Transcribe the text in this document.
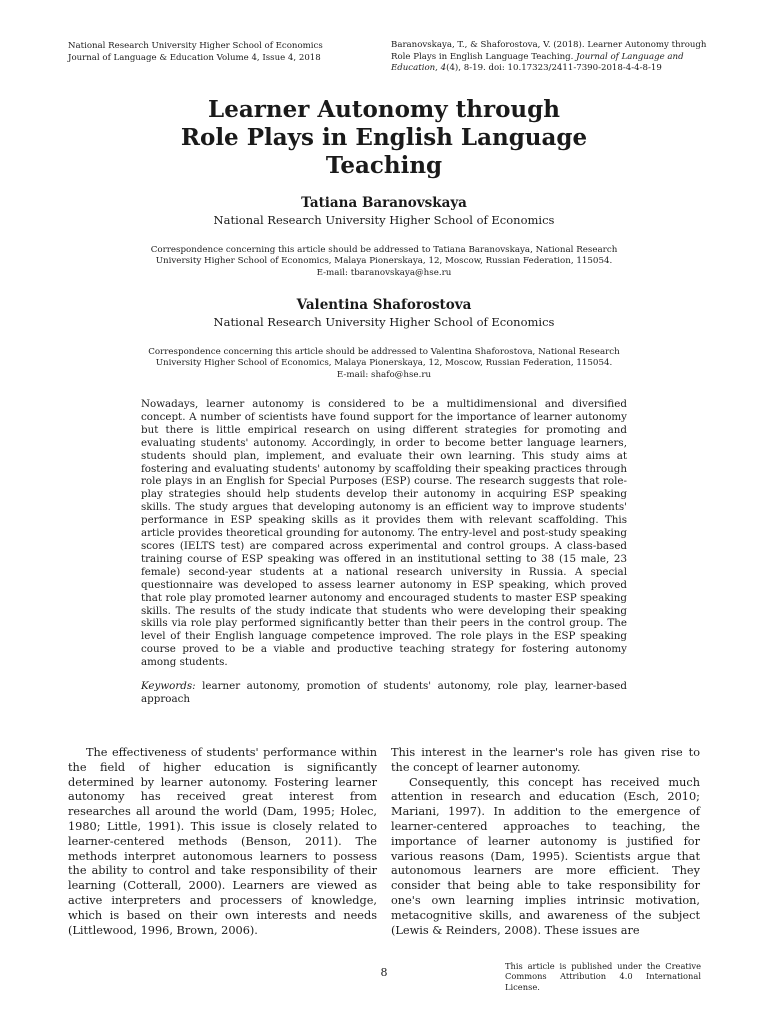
National Research University Higher School of Economics
Journal of Language & Education Volume 4, Issue 4, 2018
Baranovskaya, T., & Shaforostova, V. (2018). Learner Autonomy through Role Plays in English Language Teaching. Journal of Language and Education, 4(4), 8-19. doi: 10.17323/2411-7390-2018-4-4-8-19
Learner Autonomy through
Role Plays in English Language
Teaching
Tatiana Baranovskaya
National Research University Higher School of Economics
Correspondence concerning this article should be addressed to Tatiana Baranovskaya, National Research
University Higher School of Economics, Malaya Pionerskaya, 12, Moscow, Russian Federation, 115054.
E-mail: tbaranovskaya@hse.ru
Valentina Shaforostova
National Research University Higher School of Economics
Correspondence concerning this article should be addressed to Valentina Shaforostova, National Research
University Higher School of Economics, Malaya Pionerskaya, 12, Moscow, Russian Federation, 115054.
E-mail: shafo@hse.ru
Nowadays, learner autonomy is considered to be a multidimensional and diversified concept. A number of scientists have found support for the importance of learner autonomy but there is little empirical research on using different strategies for promoting and evaluating students' autonomy. Accordingly, in order to become better language learners, students should plan, implement, and evaluate their own learning. This study aims at fostering and evaluating students' autonomy by scaffolding their speaking practices through role plays in an English for Special Purposes (ESP) course. The research suggests that role-play strategies should help students develop their autonomy in acquiring ESP speaking skills. The study argues that developing autonomy is an efficient way to improve students' performance in ESP speaking skills as it provides them with relevant scaffolding. This article provides theoretical grounding for autonomy. The entry-level and post-study speaking scores (IELTS test) are compared across experimental and control groups. A class-based training course of ESP speaking was offered in an institutional setting to 38 (15 male, 23 female) second-year students at a national research university in Russia. A special questionnaire was developed to assess learner autonomy in ESP speaking, which proved that role play promoted learner autonomy and encouraged students to master ESP speaking skills. The results of the study indicate that students who were developing their speaking skills via role play performed significantly better than their peers in the control group. The level of their English language competence improved. The role plays in the ESP speaking course proved to be a viable and productive teaching strategy for fostering autonomy among students.
Keywords: learner autonomy, promotion of students' autonomy, role play, learner-based approach

The effectiveness of students' performance within the field of higher education is significantly determined by learner autonomy. Fostering learner autonomy has received great interest from researches all around the world (Dam, 1995; Holec, 1980; Little, 1991). This issue is closely related to learner-centered methods (Benson, 2011). The methods interpret autonomous learners to possess the ability to control and take responsibility of their learning (Cotterall, 2000). Learners are viewed as active interpreters and processers of knowledge, which is based on their own interests and needs (Littlewood, 1996, Brown, 2006).

This interest in the learner's role has given rise to the concept of learner autonomy.

Consequently, this concept has received much attention in research and education (Esch, 2010; Mariani, 1997). In addition to the emergence of learner-centered approaches to teaching, the importance of learner autonomy is justified for various reasons (Dam, 1995). Scientists argue that autonomous learners are more efficient. They consider that being able to take responsibility for one's own learning implies intrinsic motivation, metacognitive skills, and awareness of the subject (Lewis & Reinders, 2008). These issues are

8	This article is published under the Creative Commons Attribution 4.0 International License.
